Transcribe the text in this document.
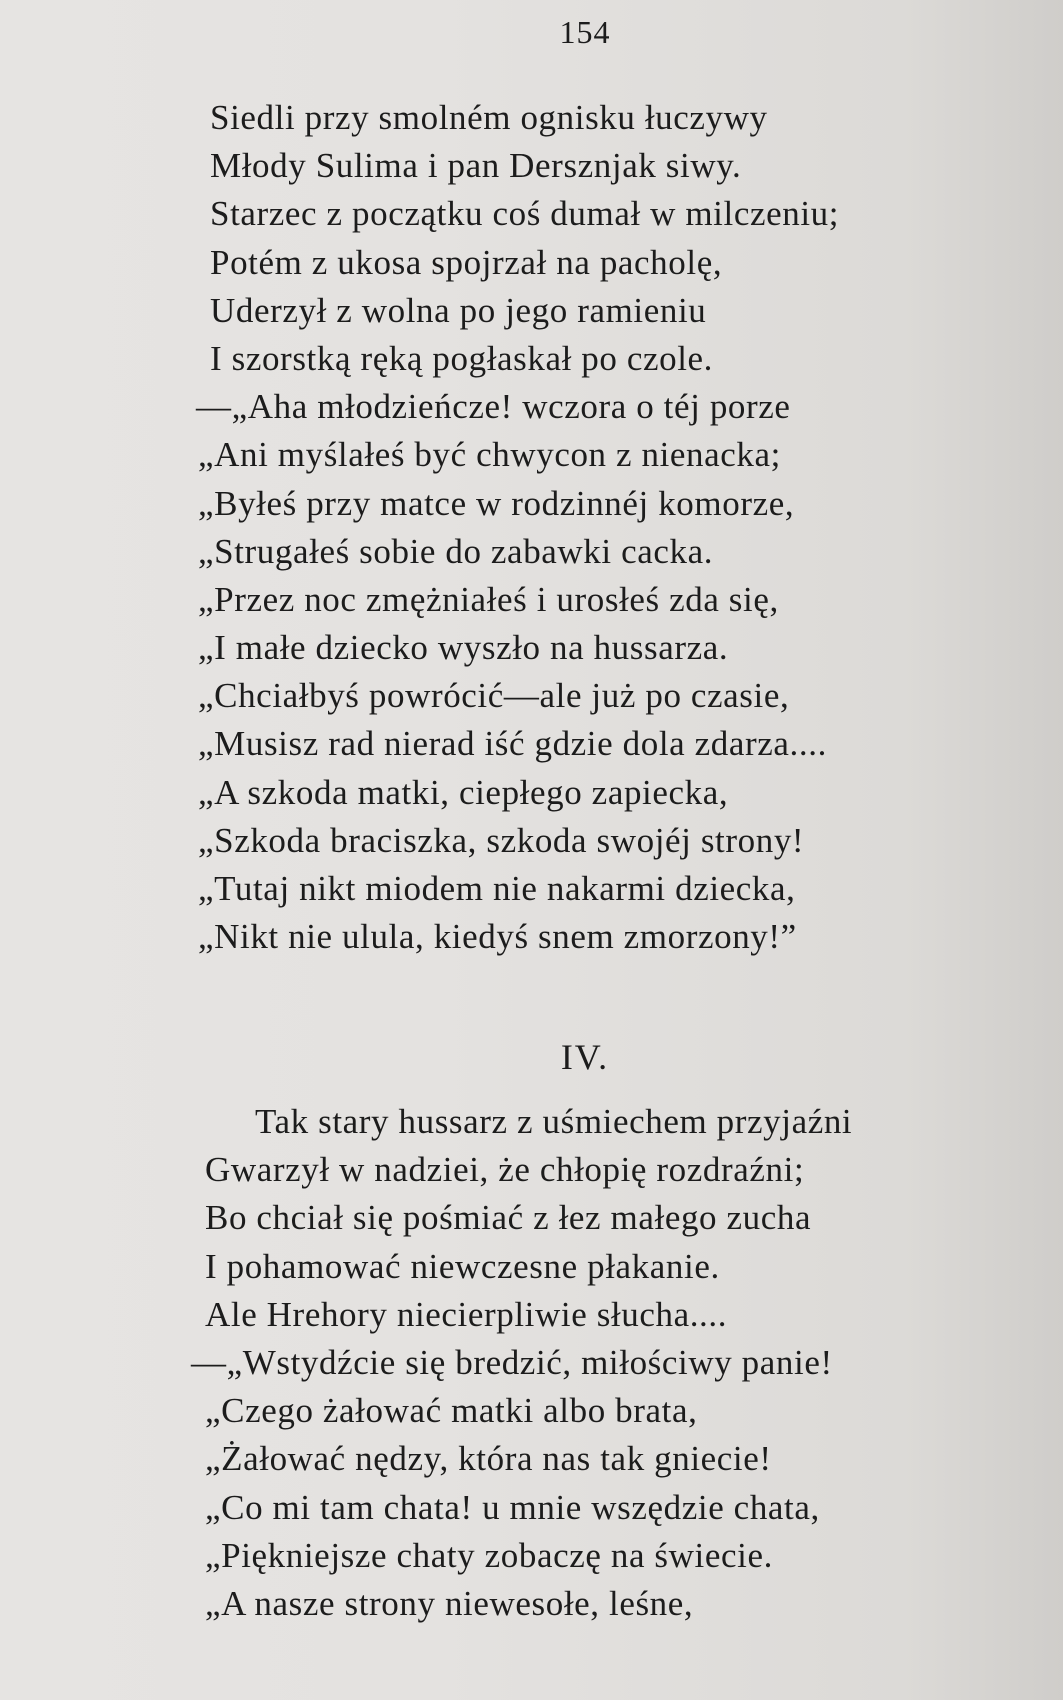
154
Siedli przy smolném ognisku łuczywy
Młody Sulima i pan Dersznjak siwy.
Starzec z początku coś dumał w milczeniu;
Potém z ukosa spojrzał na pacholę,
Uderzył z wolna po jego ramieniu
I szorstką ręką pogłaskał po czole.
—„Aha młodzieńcze! wczora o téj porze
„Ani myślałeś być chwycon z nienacka;
„Byłeś przy matce w rodzinnéj komorze,
„Strugałeś sobie do zabawki cacka.
„Przez noc zmężniałeś i urosłeś zda się,
„I małe dziecko wyszło na hussarza.
„Chciałbyś powrócić—ale już po czasie,
„Musisz rad nierad iść gdzie dola zdarza....
„A szkoda matki, ciepłego zapiecka,
„Szkoda braciszka, szkoda swojéj strony!
„Tutaj nikt miodem nie nakarmi dziecka,
„Nikt nie ulula, kiedyś snem zmorzony!”
IV.
Tak stary hussarz z uśmiechem przyjaźni
Gwarzył w nadziei, że chłopię rozdraźni;
Bo chciał się pośmiać z łez małego zucha
I pohamować niewczesne płakanie.
Ale Hrehory niecierpliwie słucha....
—„Wstydźcie się bredzić, miłościwy panie!
„Czego żałować matki albo brata,
„Żałować nędzy, która nas tak gniecie!
„Co mi tam chata! u mnie wszędzie chata,
„Piękniejsze chaty zobaczę na świecie.
„A nasze strony niewesołe, leśne,
